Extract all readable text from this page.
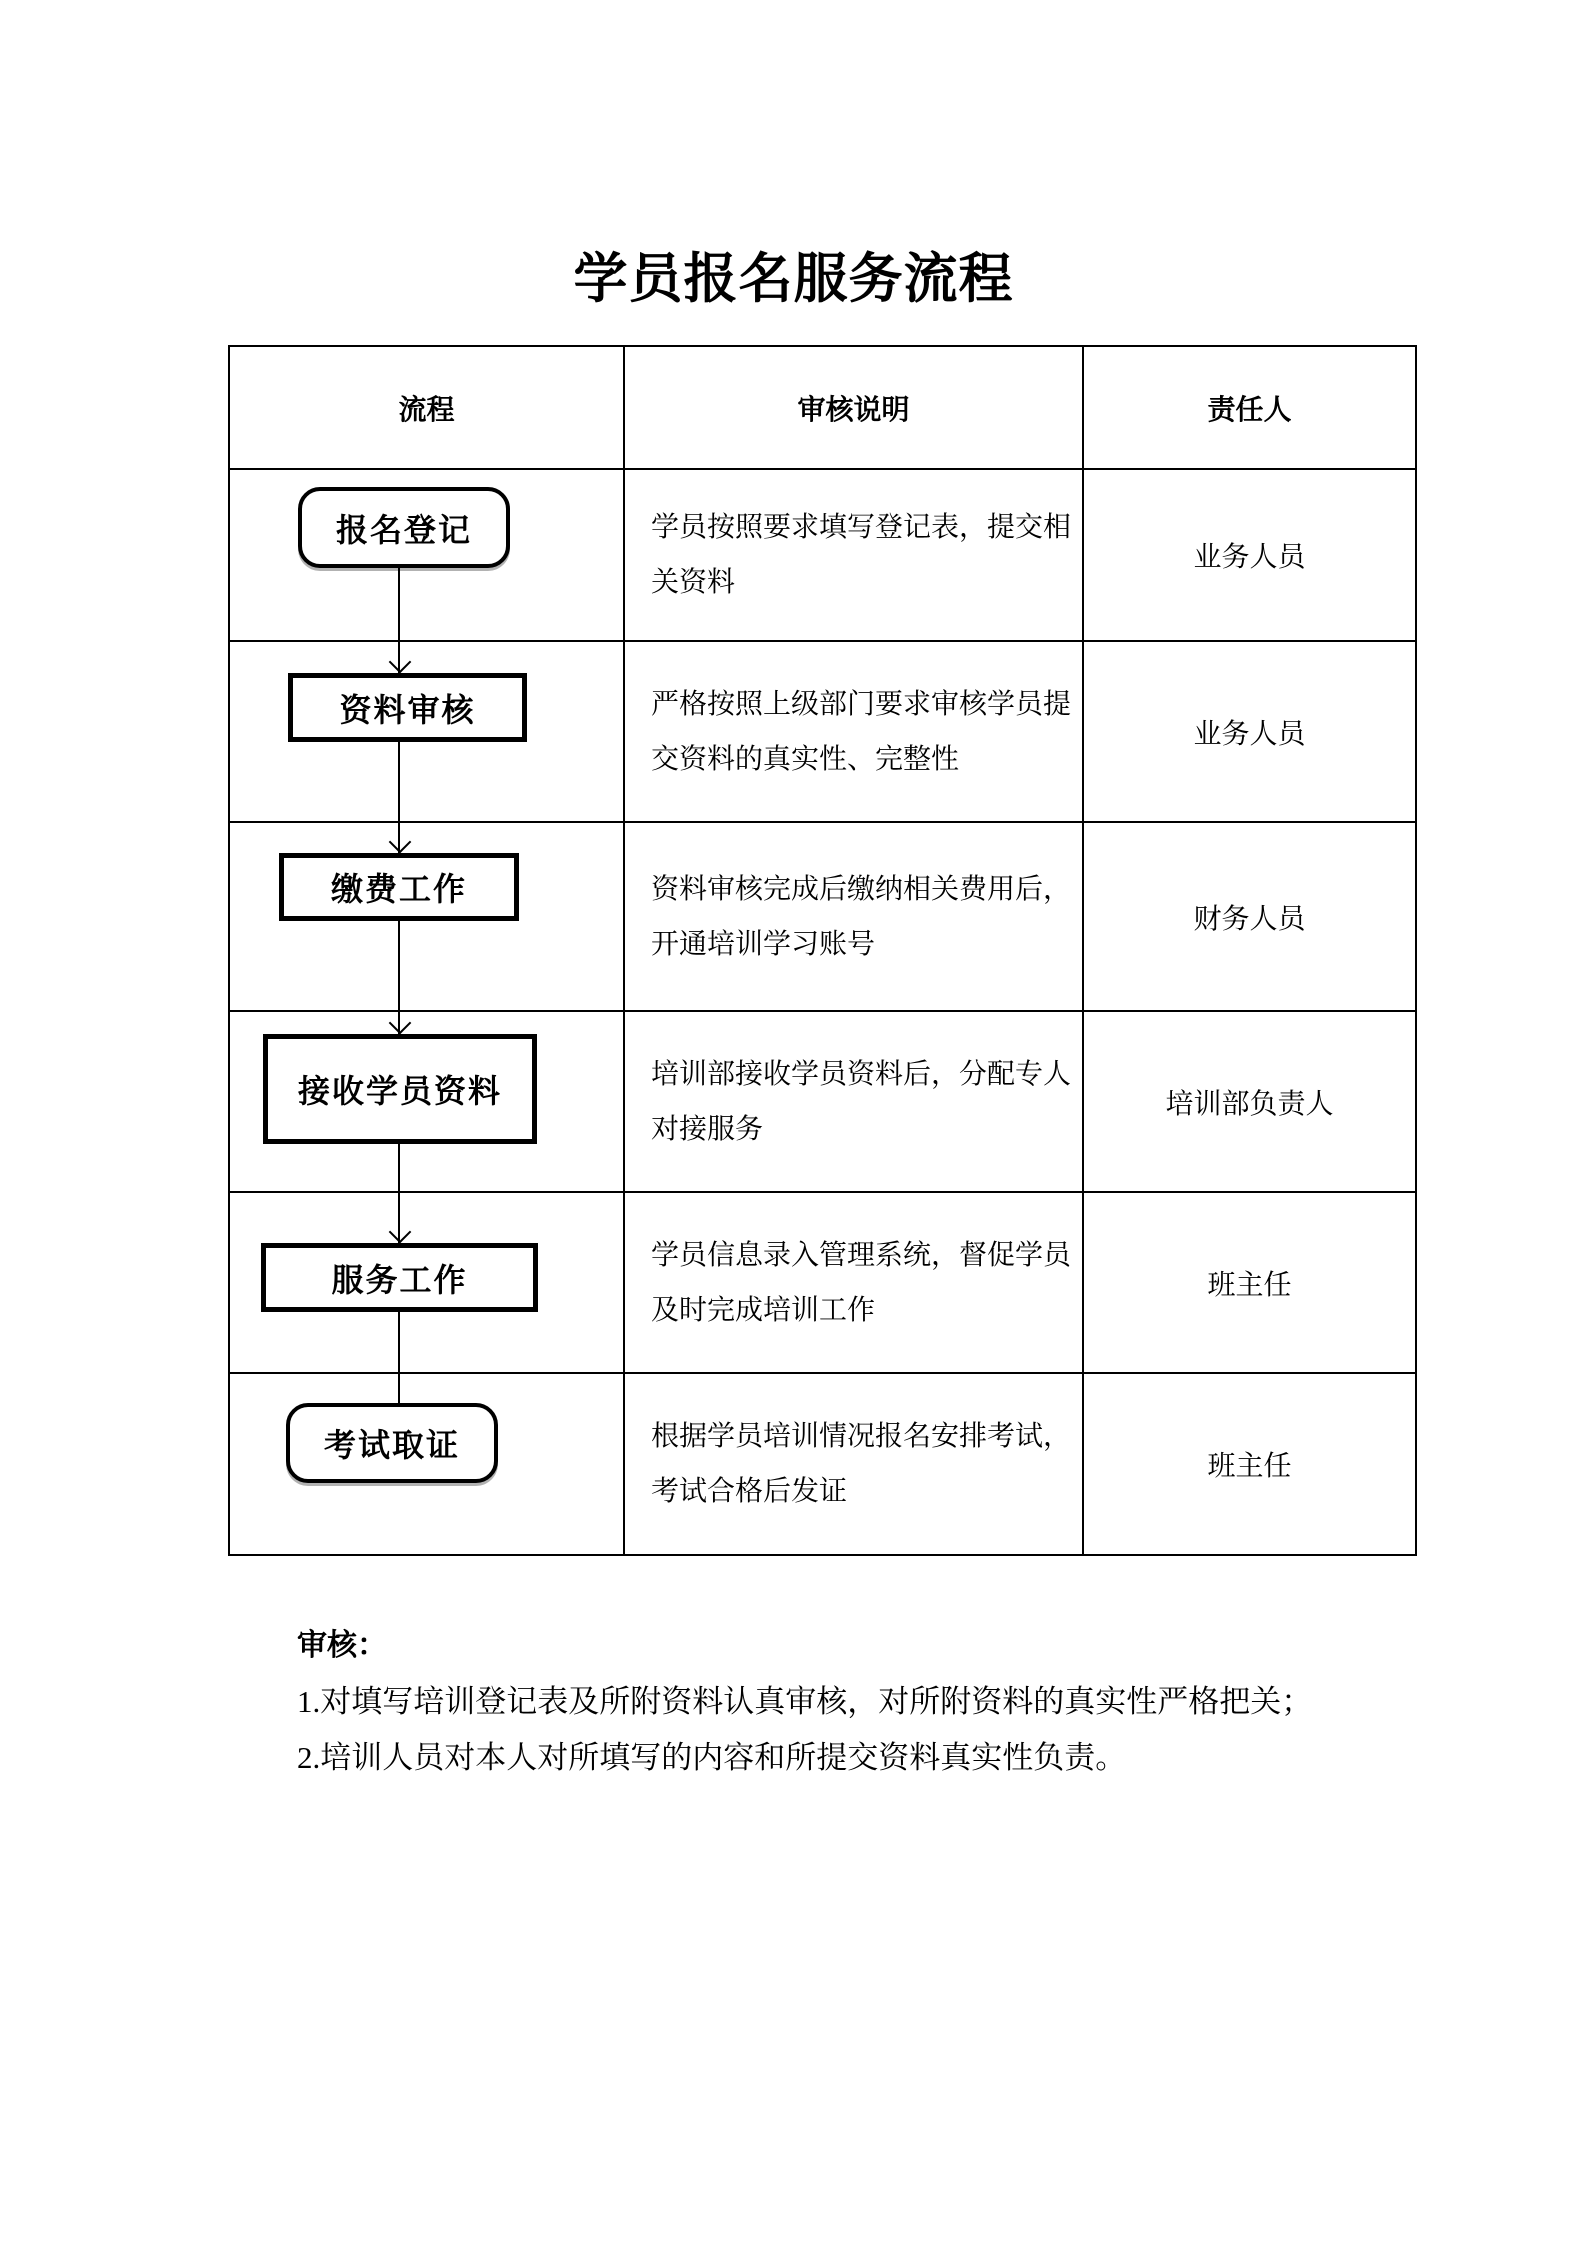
学员报名服务流程
流程	审核说明	责任人
学员按照要求填写登记表，提交相关资料
业务人员
严格按照上级部门要求审核学员提交资料的真实性、完整性
业务人员
资料审核完成后缴纳相关费用后，开通培训学习账号
财务人员
培训部接收学员资料后，分配专人对接服务
培训部负责人
学员信息录入管理系统，督促学员及时完成培训工作
班主任
根据学员培训情况报名安排考试，考试合格后发证
班主任
报名登记
资料审核
缴费工作
接收学员资料
服务工作
考试取证
审核：
1.对填写培训登记表及所附资料认真审核，对所附资料的真实性严格把关；
2.培训人员对本人对所填写的内容和所提交资料真实性负责。
